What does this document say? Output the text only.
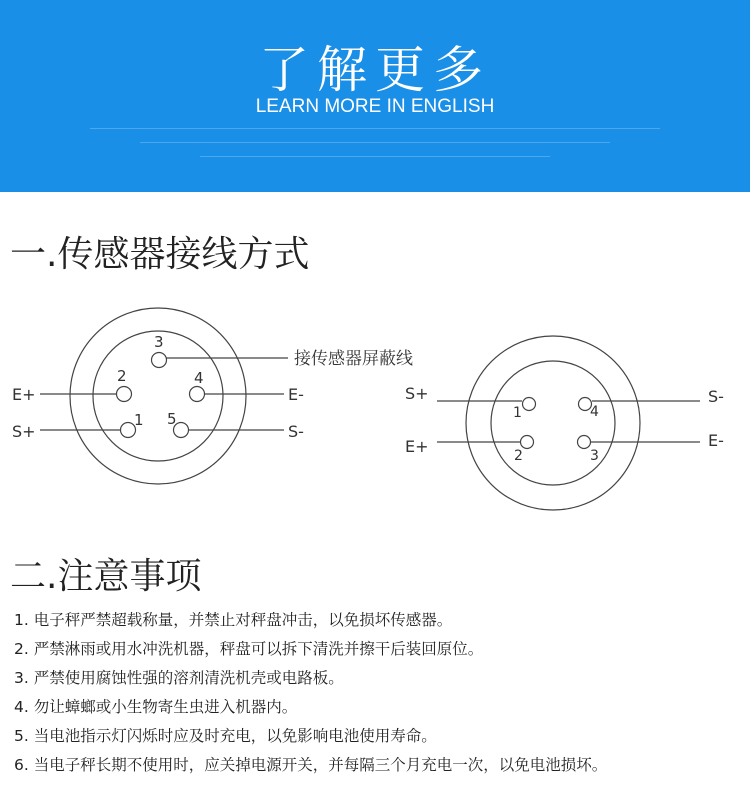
了解更多
LEARN MORE IN ENGLISH
一.传感器接线方式
3
2	4
1 5
E+
S+
E-
S-
接传感器屏蔽线
1	4
2	3
S+
E+
S-
E-
二.注意事项
1. 电子秤严禁超载称量，并禁止对秤盘冲击，以免损坏传感器。
2. 严禁淋雨或用水冲洗机器，秤盘可以拆下清洗并擦干后装回原位。
3. 严禁使用腐蚀性强的溶剂清洗机壳或电路板。
4. 勿让蟑螂或小生物寄生虫进入机器内。
5. 当电池指示灯闪烁时应及时充电，以免影响电池使用寿命。
6. 当电子秤长期不使用时，应关掉电源开关，并每隔三个月充电一次，以免电池损坏。
